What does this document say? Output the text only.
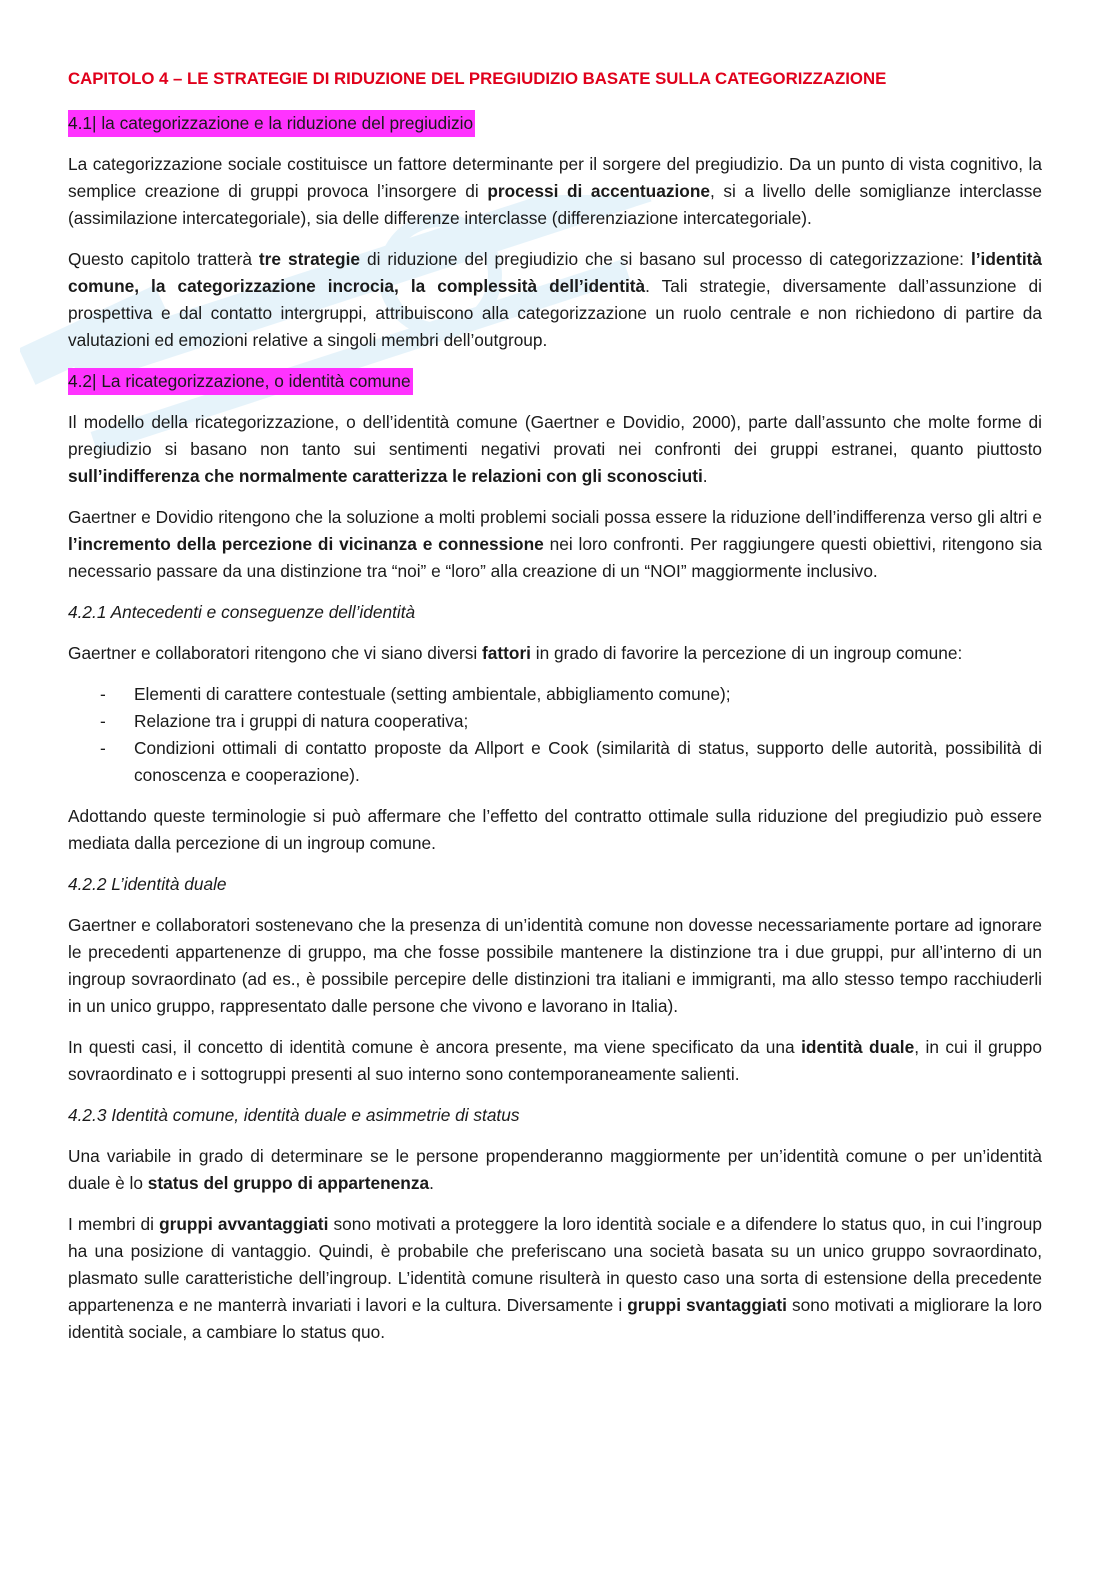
CAPITOLO 4 – LE STRATEGIE DI RIDUZIONE DEL PREGIUDIZIO BASATE SULLA CATEGORIZZAZIONE

4.1| la categorizzazione e la riduzione del pregiudizio

La categorizzazione sociale costituisce un fattore determinante per il sorgere del pregiudizio. Da un punto di vista cognitivo, la semplice creazione di gruppi provoca l’insorgere di processi di accentuazione, si a livello delle somiglianze interclasse (assimilazione intercategoriale), sia delle differenze interclasse (differenziazione intercategoriale).

Questo capitolo tratterà tre strategie di riduzione del pregiudizio che si basano sul processo di categorizzazione: l’identità comune, la categorizzazione incrocia, la complessità dell’identità. Tali strategie, diversamente dall’assunzione di prospettiva e dal contatto intergruppi, attribuiscono alla categorizzazione un ruolo centrale e non richiedono di partire da valutazioni ed emozioni relative a singoli membri dell’outgroup.

4.2| La ricategorizzazione, o identità comune

Il modello della ricategorizzazione, o dell’identità comune (Gaertner e Dovidio, 2000), parte dall’assunto che molte forme di pregiudizio si basano non tanto sui sentimenti negativi provati nei confronti dei gruppi estranei, quanto piuttosto sull’indifferenza che normalmente caratterizza le relazioni con gli sconosciuti.

Gaertner e Dovidio ritengono che la soluzione a molti problemi sociali possa essere la riduzione dell’indifferenza verso gli altri e l’incremento della percezione di vicinanza e connessione nei loro confronti. Per raggiungere questi obiettivi, ritengono sia necessario passare da una distinzione tra “noi” e “loro” alla creazione di un “NOI” maggiormente inclusivo.

4.2.1 Antecedenti e conseguenze dell’identità

Gaertner e collaboratori ritengono che vi siano diversi fattori in grado di favorire la percezione di un ingroup comune:

- Elementi di carattere contestuale (setting ambientale, abbigliamento comune);
- Relazione tra i gruppi di natura cooperativa;
- Condizioni ottimali di contatto proposte da Allport e Cook (similarità di status, supporto delle autorità, possibilità di conoscenza e cooperazione).

Adottando queste terminologie si può affermare che l’effetto del contratto ottimale sulla riduzione del pregiudizio può essere mediata dalla percezione di un ingroup comune.

4.2.2 L’identità duale

Gaertner e collaboratori sostenevano che la presenza di un’identità comune non dovesse necessariamente portare ad ignorare le precedenti appartenenze di gruppo, ma che fosse possibile mantenere la distinzione tra i due gruppi, pur all’interno di un ingroup sovraordinato (ad es., è possibile percepire delle distinzioni tra italiani e immigranti, ma allo stesso tempo racchiuderli in un unico gruppo, rappresentato dalle persone che vivono e lavorano in Italia).

In questi casi, il concetto di identità comune è ancora presente, ma viene specificato da una identità duale, in cui il gruppo sovraordinato e i sottogruppi presenti al suo interno sono contemporaneamente salienti.

4.2.3 Identità comune, identità duale e asimmetrie di status

Una variabile in grado di determinare se le persone propenderanno maggiormente per un’identità comune o per un’identità duale è lo status del gruppo di appartenenza.

I membri di gruppi avvantaggiati sono motivati a proteggere la loro identità sociale e a difendere lo status quo, in cui l’ingroup ha una posizione di vantaggio. Quindi, è probabile che preferiscano una società basata su un unico gruppo sovraordinato, plasmato sulle caratteristiche dell’ingroup. L’identità comune risulterà in questo caso una sorta di estensione della precedente appartenenza e ne manterrà invariati i lavori e la cultura. Diversamente i gruppi svantaggiati sono motivati a migliorare la loro identità sociale, a cambiare lo status quo.
